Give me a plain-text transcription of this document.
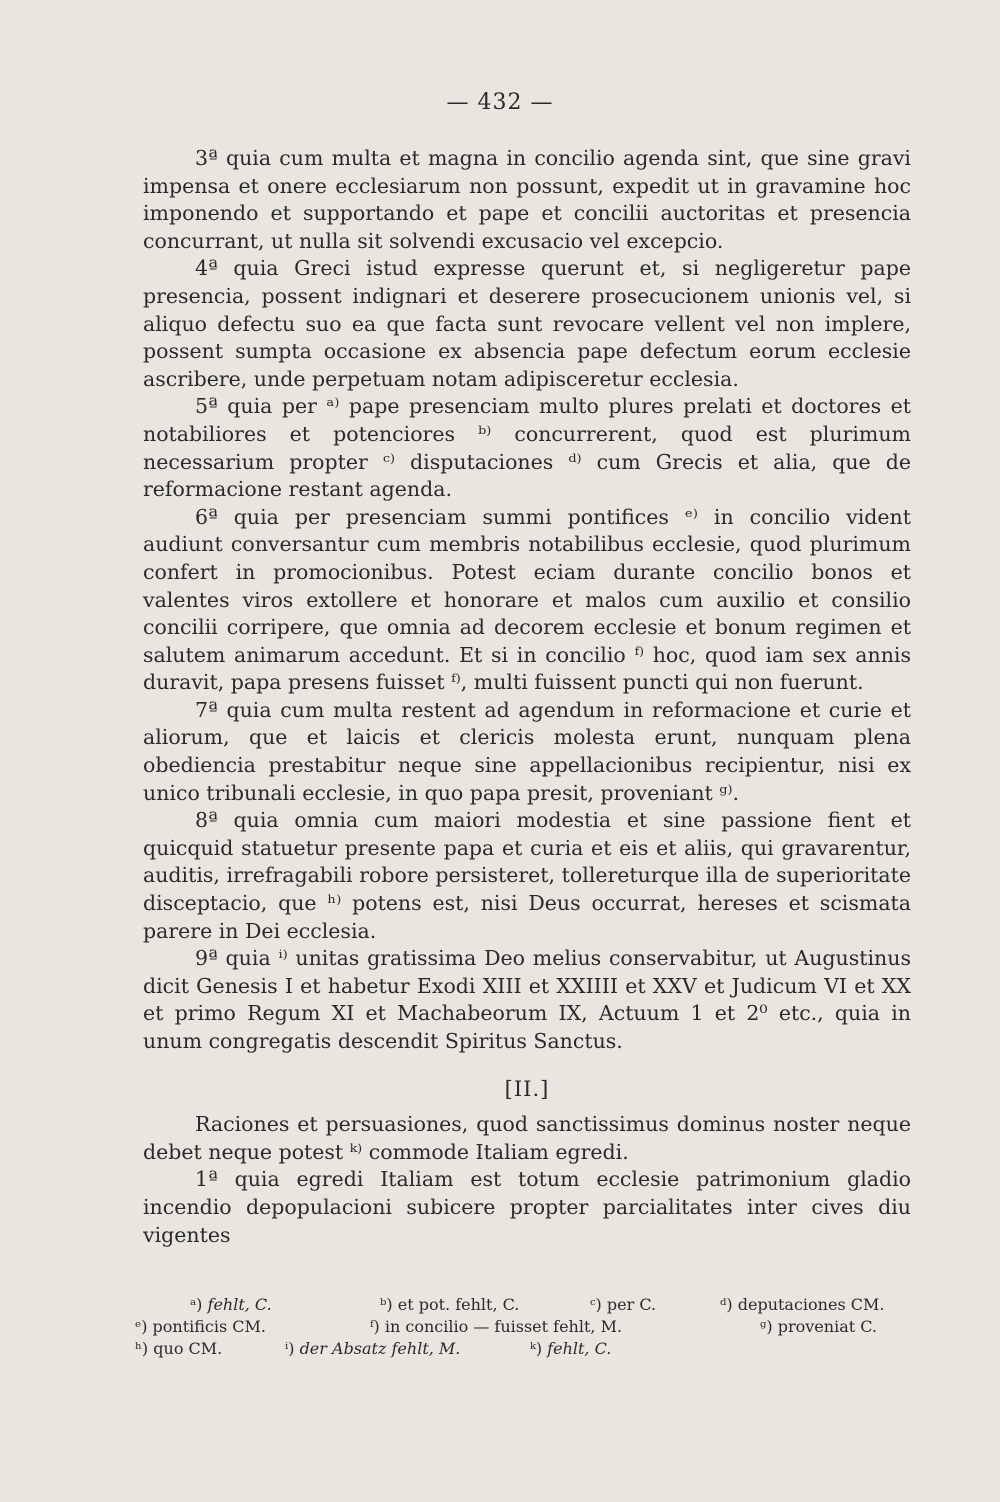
— 432 —

3ª quia cum multa et magna in concilio agenda sint, que sine gravi impensa et onere ecclesiarum non possunt, expedit ut in gravamine hoc imponendo et supportando et pape et concilii auctoritas et presencia concurrant, ut nulla sit solvendi excusacio vel excepcio.

4ª quia Greci istud expresse querunt et, si negligeretur pape presencia, possent indignari et deserere prosecucionem unionis vel, si aliquo defectu suo ea que facta sunt revocare vellent vel non implere, possent sumpta occasione ex absencia pape defectum eorum ecclesie ascribere, unde perpetuam notam adipisceretur ecclesia.

5ª quia per ᵃ⁾ pape presenciam multo plures prelati et doctores et notabiliores et potenciores ᵇ⁾ concurrerent, quod est plurimum necessarium propter ᶜ⁾ disputaciones ᵈ⁾ cum Grecis et alia, que de reformacione restant agenda.

6ª quia per presenciam summi pontifices ᵉ⁾ in concilio vident audiunt conversantur cum membris notabilibus ecclesie, quod plurimum confert in promocionibus. Potest eciam durante concilio bonos et valentes viros extollere et honorare et malos cum auxilio et consilio concilii corripere, que omnia ad decorem ecclesie et bonum regimen et salutem animarum accedunt. Et si in concilio ᶠ⁾ hoc, quod iam sex annis duravit, papa presens fuisset ᶠ⁾, multi fuissent puncti qui non fuerunt.

7ª quia cum multa restent ad agendum in reformacione et curie et aliorum, que et laicis et clericis molesta erunt, nunquam plena obediencia prestabitur neque sine appellacionibus recipientur, nisi ex unico tribunali ecclesie, in quo papa presit, proveniant ᵍ⁾.

8ª quia omnia cum maiori modestia et sine passione fient et quicquid statuetur presente papa et curia et eis et aliis, qui gravarentur, auditis, irrefragabili robore persisteret, tollereturque illa de superioritate disceptacio, que ʰ⁾ potens est, nisi Deus occurrat, hereses et scismata parere in Dei ecclesia.

9ª quia ⁱ⁾ unitas gratissima Deo melius conservabitur, ut Augustinus dicit Genesis I et habetur Exodi XIII et XXIIII et XXV et Judicum VI et XX et primo Regum XI et Machabeorum IX, Actuum 1 et 2⁰ etc., quia in unum congregatis descendit Spiritus Sanctus.

[II.]

Raciones et persuasiones, quod sanctissimus dominus noster neque debet neque potest ᵏ⁾ commode Italiam egredi.

1ª quia egredi Italiam est totum ecclesie patrimonium gladio incendio depopulacioni subicere propter parcialitates inter cives diu vigentes

ᵃ) fehlt, C.	ᵇ) et pot. fehlt, C.	ᶜ) per C.	ᵈ) deputaciones CM.
ᵉ) pontificis CM.	ᶠ) in concilio — fuisset fehlt, M.	ᵍ) proveniat C.
ʰ) quo CM.	ⁱ) der Absatz fehlt, M.	ᵏ) fehlt, C.
